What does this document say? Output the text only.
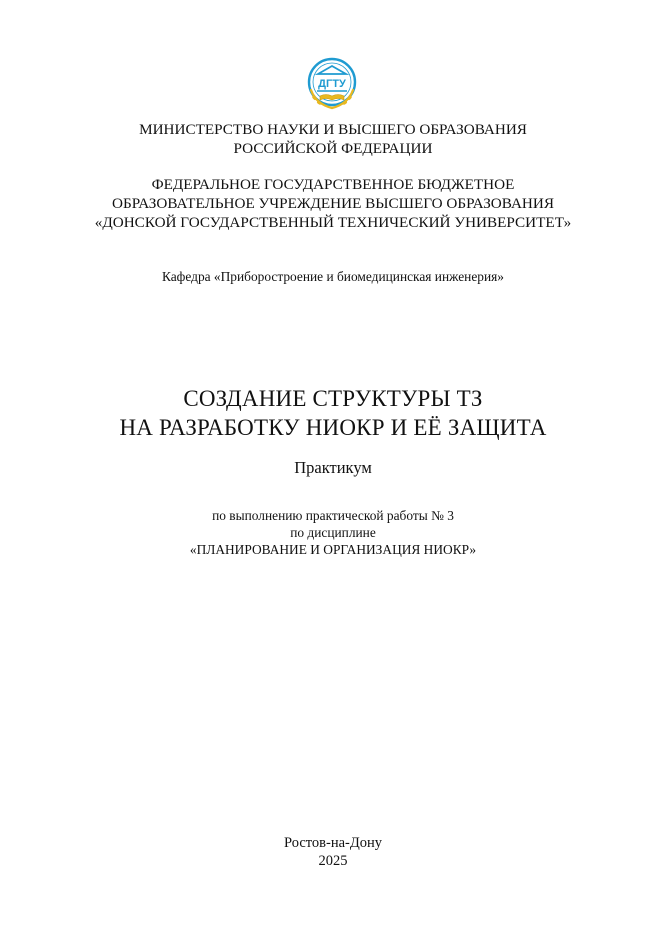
ДГТУ
МИНИСТЕРСТВО НАУКИ И ВЫСШЕГО ОБРАЗОВАНИЯ
РОССИЙСКОЙ ФЕДЕРАЦИИ
ФЕДЕРАЛЬНОЕ ГОСУДАРСТВЕННОЕ БЮДЖЕТНОЕ
ОБРАЗОВАТЕЛЬНОЕ УЧРЕЖДЕНИЕ ВЫСШЕГО ОБРАЗОВАНИЯ
«ДОНСКОЙ ГОСУДАРСТВЕННЫЙ ТЕХНИЧЕСКИЙ УНИВЕРСИТЕТ»
Кафедра «Приборостроение и биомедицинская инженерия»
СОЗДАНИЕ СТРУКТУРЫ ТЗ
НА РАЗРАБОТКУ НИОКР И ЕЁ ЗАЩИТА
Практикум
по выполнению практической работы № 3
по дисциплине
«ПЛАНИРОВАНИЕ И ОРГАНИЗАЦИЯ НИОКР»
Ростов-на-Дону
2025
